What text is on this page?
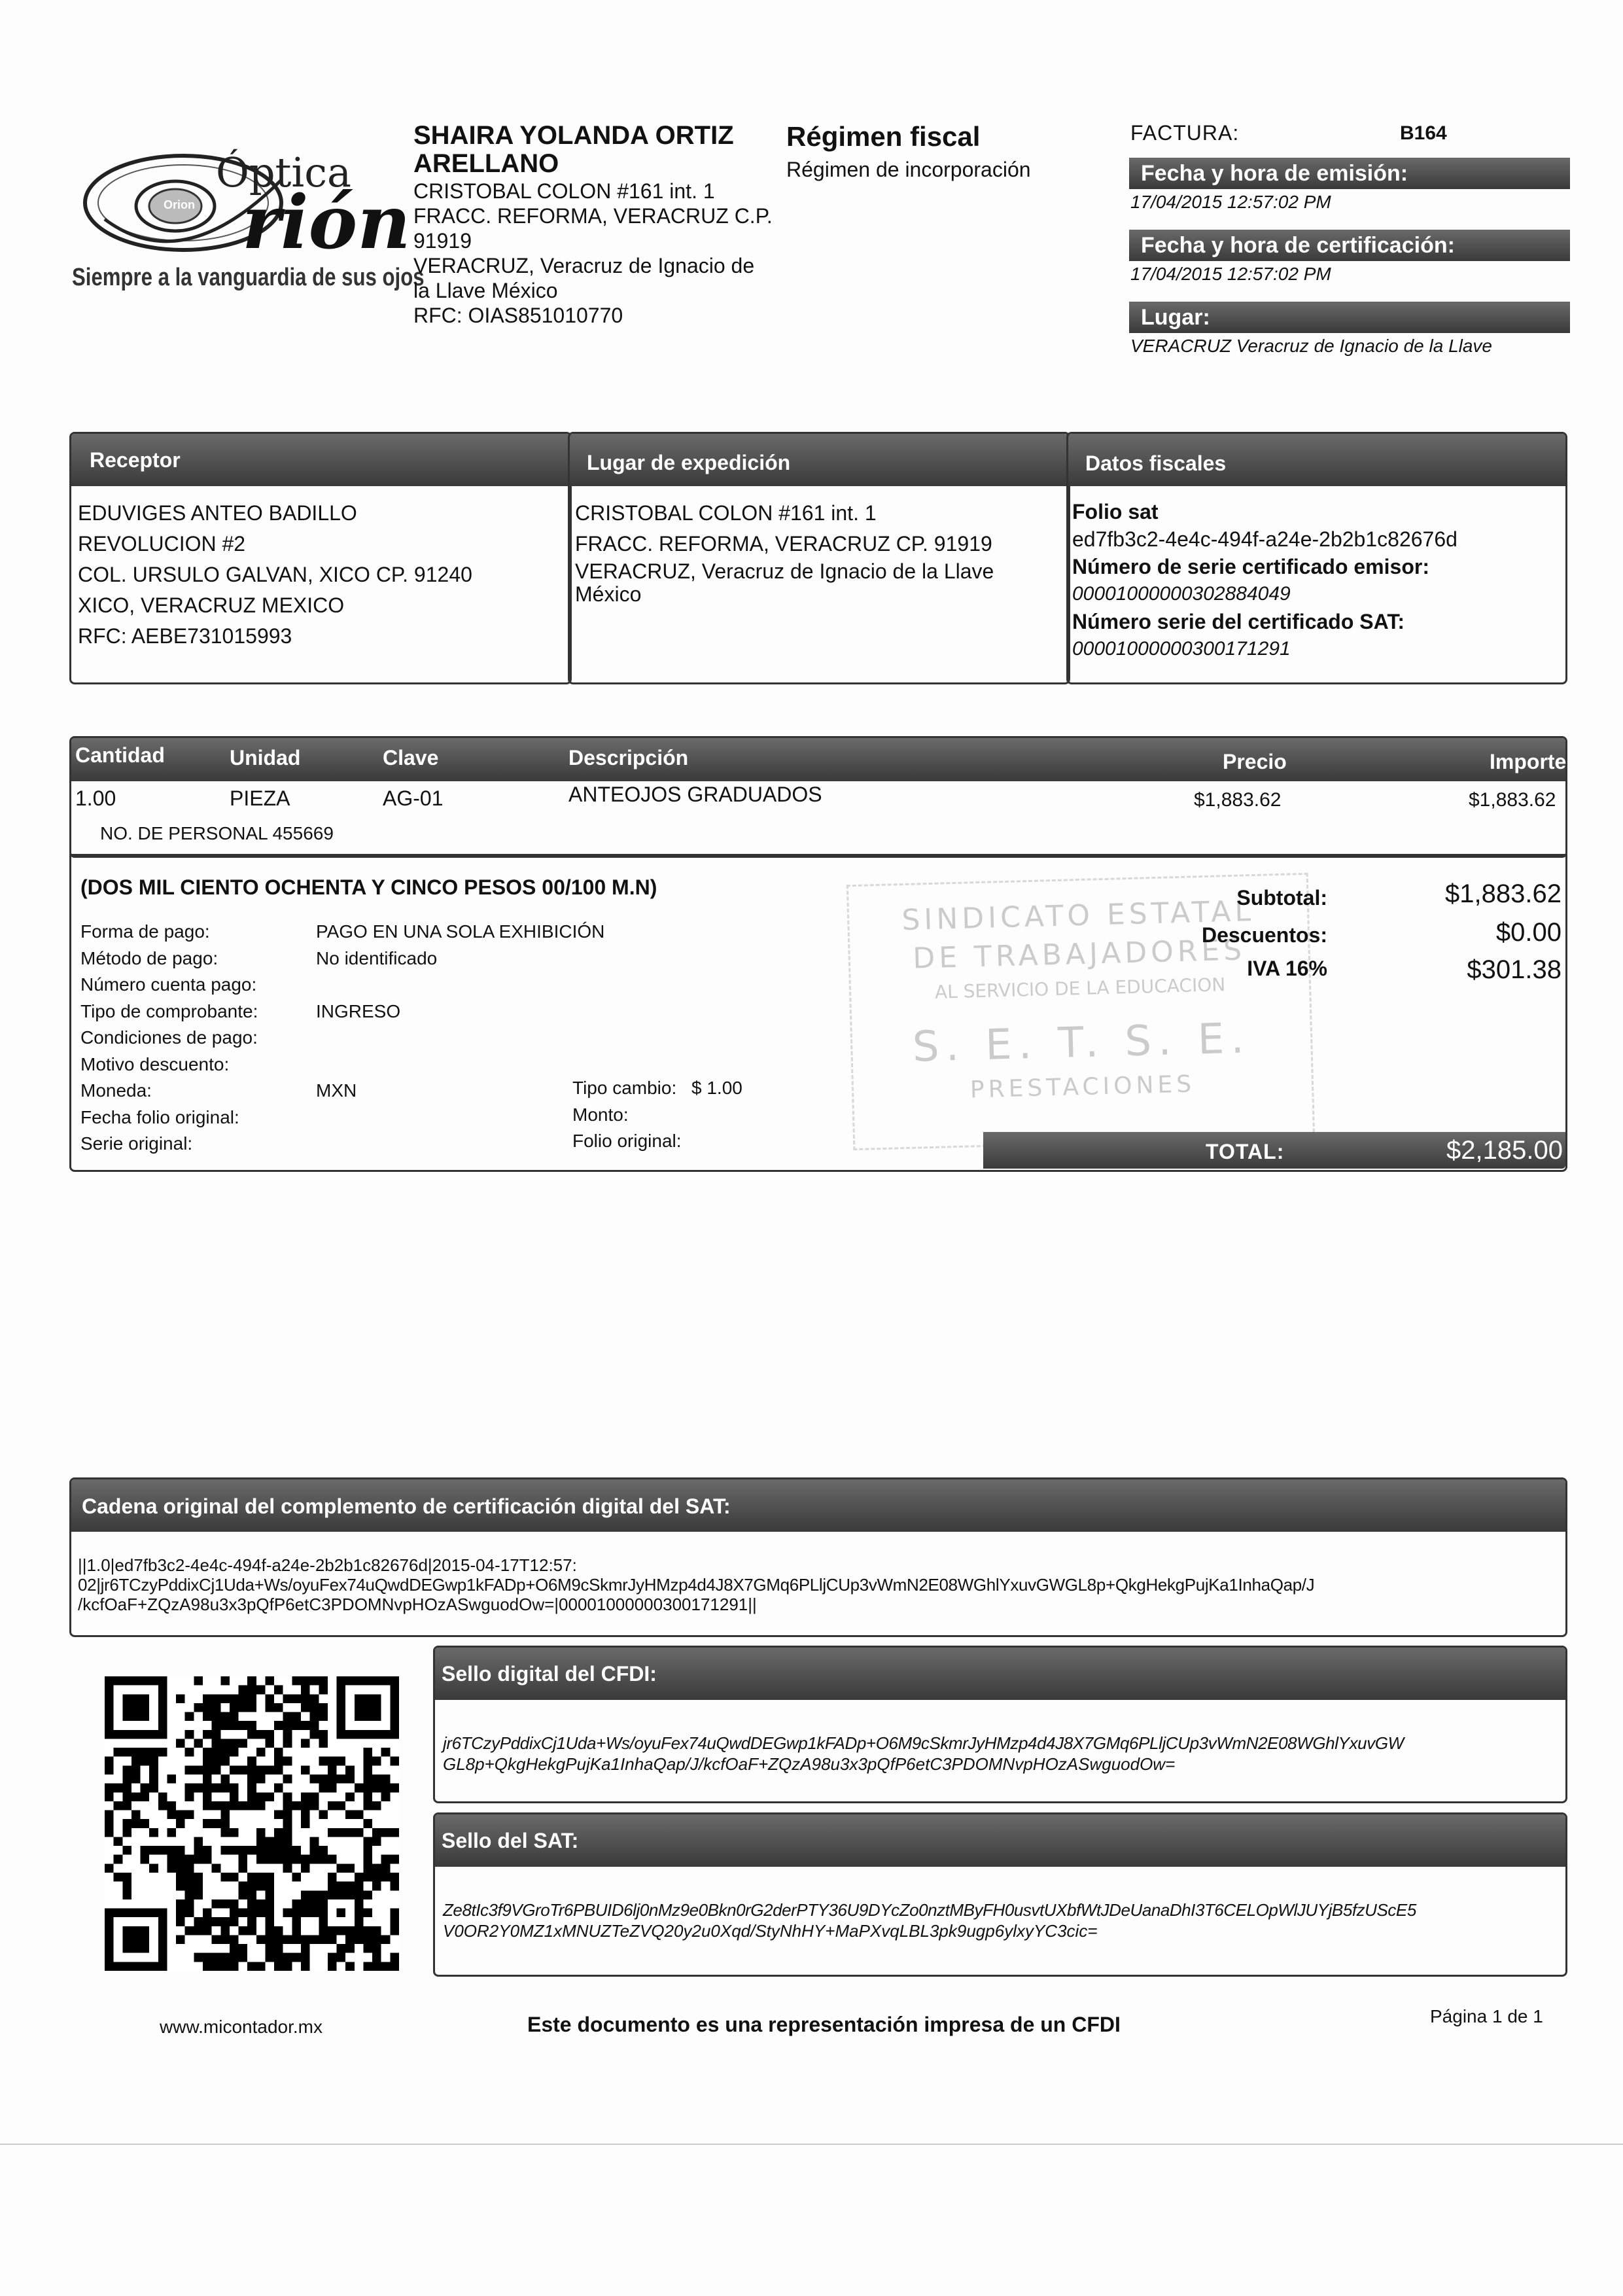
Óptica
rión
Orion
Siempre a la vanguardia de sus ojos
SHAIRA YOLANDA ORTIZ
ARELLANO
CRISTOBAL COLON #161 int. 1
FRACC. REFORMA, VERACRUZ C.P.
91919
VERACRUZ, Veracruz de Ignacio de
la Llave México
RFC: OIAS851010770
Régimen fiscal
Régimen de incorporación
FACTURA:	B164
Fecha y hora de emisión:
17/04/2015 12:57:02 PM
Fecha y hora de certificación:
17/04/2015 12:57:02 PM
Lugar:
VERACRUZ Veracruz de Ignacio de la Llave
Receptor
EDUVIGES ANTEO BADILLO
REVOLUCION #2
COL. URSULO GALVAN, XICO CP. 91240
XICO, VERACRUZ MEXICO
RFC: AEBE731015993
Lugar de expedición
CRISTOBAL COLON #161 int. 1
FRACC. REFORMA, VERACRUZ CP. 91919
VERACRUZ, Veracruz de Ignacio de la Llave
México
Datos fiscales
Folio sat
ed7fb3c2-4e4c-494f-a24e-2b2b1c82676d
Número de serie certificado emisor:
00001000000302884049
Número serie del certificado SAT:
00001000000300171291
Cantidad	Unidad	Clave	Descripción	Precio	Importe
1.00	PIEZA	AG-01	ANTEOJOS GRADUADOS	$1,883.62	$1,883.62
NO. DE PERSONAL 455669
SINDICATO ESTATAL
DE TRABAJADORES
AL SERVICIO DE LA EDUCACION
S. E. T. S. E.
PRESTACIONES
(DOS MIL CIENTO OCHENTA Y CINCO PESOS 00/100 M.N)
Forma de pago:	PAGO EN UNA SOLA EXHIBICIÓN
Método de pago:	No identificado
Número cuenta pago:
Tipo de comprobante:	INGRESO
Condiciones de pago:
Motivo descuento:
Moneda:	MXN
Fecha folio original:
Serie original:
Tipo cambio: $ 1.00
Monto:
Folio original:
Subtotal:	$1,883.62
Descuentos:	$0.00
IVA 16%	$301.38
TOTAL:	$2,185.00
Cadena original del complemento de certificación digital del SAT:
||1.0|ed7fb3c2-4e4c-494f-a24e-2b2b1c82676d|2015-04-17T12:57:
02|jr6TCzyPddixCj1Uda+Ws/oyuFex74uQwdDEGwp1kFADp+O6M9cSkmrJyHMzp4d4J8X7GMq6PLljCUp3vWmN2E08WGhlYxuvGWGL8p+QkgHekgPujKa1InhaQap/J
/kcfOaF+ZQzA98u3x3pQfP6etC3PDOMNvpHOzASwguodOw=|00001000000300171291||
Sello digital del CFDI:
jr6TCzyPddixCj1Uda+Ws/oyuFex74uQwdDEGwp1kFADp+O6M9cSkmrJyHMzp4d4J8X7GMq6PLljCUp3vWmN2E08WGhlYxuvGW
GL8p+QkgHekgPujKa1InhaQap/J/kcfOaF+ZQzA98u3x3pQfP6etC3PDOMNvpHOzASwguodOw=
Sello del SAT:
Ze8tIc3f9VGroTr6PBUID6lj0nMz9e0Bkn0rG2derPTY36U9DYcZo0nztMByFH0usvtUXbfWtJDeUanaDhI3T6CELOpWlJUYjB5fzUScE5
V0OR2Y0MZ1xMNUZTeZVQ20y2u0Xqd/StyNhHY+MaPXvqLBL3pk9ugp6ylxyYC3cic=
www.micontador.mx	Este documento es una representación impresa de un CFDI	Página 1 de 1
